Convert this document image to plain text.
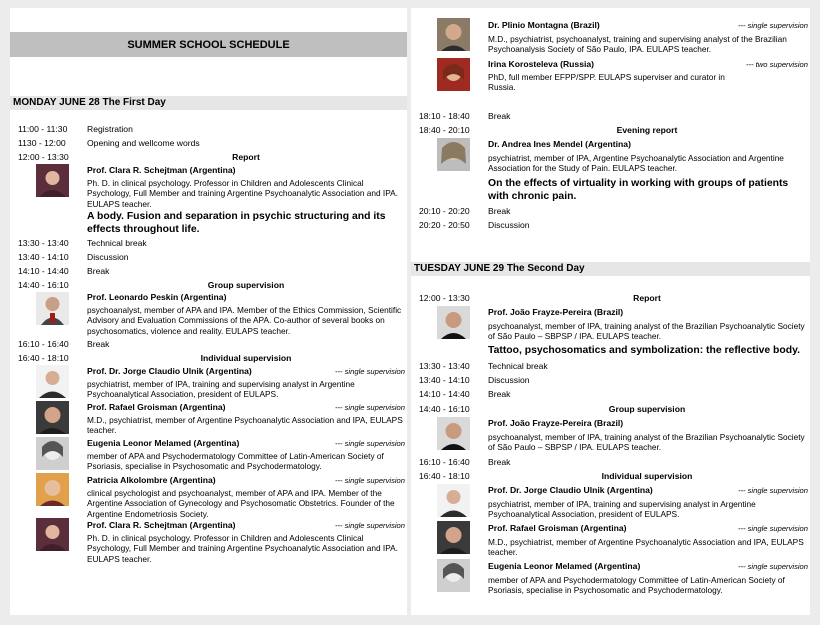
SUMMER SCHOOL SCHEDULE
MONDAY JUNE 28 The First Day
11:00 - 11:30 Registration
1130 - 12:00 Opening and wellcome words
12:00 - 13:30	Report
Prof. Clara R. Schejtman (Argentina)
Ph. D. in clinical psychology. Professor in Children and Adolescents Clinical Psychology, Full Member and training Argentine Psychoanalytic Association and IPA. EULAPS teacher.
A body. Fusion and separation in psychic structuring and its effects throughout life.
13:30 - 13:40 Technical break
13:40 - 14:10 Discussion
14:10 - 14:40 Break
14:40 - 16:10	Group supervision
Prof. Leonardo Peskin (Argentina)
psychoanalyst, member of APA and IPA. Member of the Ethics Commission, Scientific Advisory and Evaluation Commissions of the APA. Co-author of several books on psychosomatics, violence and reality. EULAPS teacher.
16:10 - 16:40 Break
16:40 - 18:10	Individual supervision
Prof. Dr. Jorge Claudio Ulnik (Argentina)	--- single supervision
psychiatrist, member of IPA, training and supervising analyst in Argentine Psychoanalytical Association, president of EULAPS.
Prof. Rafael Groisman (Argentina)	--- single supervision
M.D., psychiatrist, member of Argentine Psychoanalytic Association and IPA, EULAPS teacher.
Eugenia Leonor Melamed (Argentina)	--- single supervision
member of APA and Psychodermatology Committee of Latin-American Society of Psoriasis, specialise in Psychosomatic and Psychodermatology.
Patricia Alkolombre (Argentina)	--- single supervision
clinical psychologist and psychoanalyst, member of APA and IPA. Member of the Argentine Association of Gynecology and Psychosomatic Obstetrics. Founder of the Argentine Endometriosis Society.
Prof. Clara R. Schejtman (Argentina)	--- single supervision
Ph. D. in clinical psychology. Professor in Children and Adolescents Clinical Psychology, Full Member and training Argentine Psychoanalytic Association and IPA. EULAPS teacher.
Dr. Plinio Montagna (Brazil)	--- single supervision
M.D., psychiatrist, psychoanalyst, training and supervising analyst of the Brazilian Psychoanalysis Society of São Paulo, IPA. EULAPS teacher.
Irina Korosteleva (Russia)	--- two supervision
PhD, full member EFPP/SPP. EULAPS superviser and curator in Russia.
18:10 - 18:40 Break
18:40 - 20:10	Evening report
Dr. Andrea Ines Mendel (Argentina)
psychiatrist, member of IPA, Argentine Psychoanalytic Association and Argentine Association for the Study of Pain. EULAPS teacher.
On the effects of virtuality in working with groups of patients with chronic pain.
20:10 - 20:20 Break
20:20 - 20:50 Discussion
TUESDAY JUNE 29 The Second Day
12:00 - 13:30	Report
Prof. João Frayze-Pereira (Brazil)
psychoanalyst, member of IPA, training analyst of the Brazilian Psychoanalytic Society of São Paulo – SBPSP / IPA. EULAPS teacher.
Tattoo, psychosomatics and symbolization: the reflective body.
13:30 - 13:40 Technical break
13:40 - 14:10 Discussion
14:10 - 14:40 Break
14:40 - 16:10	Group supervision
Prof. João Frayze-Pereira (Brazil)
psychoanalyst, member of IPA, training analyst of the Brazilian Psychoanalytic Society of São Paulo – SBPSP / IPA. EULAPS teacher.
16:10 - 16:40 Break
16:40 - 18:10	Individual supervision
Prof. Dr. Jorge Claudio Ulnik (Argentina)	--- single supervision
psychiatrist, member of IPA, training and supervising analyst in Argentine Psychoanalytical Association, president of EULAPS.
Prof. Rafael Groisman (Argentina)	--- single supervision
M.D., psychiatrist, member of Argentine Psychoanalytic Association and IPA, EULAPS teacher.
Eugenia Leonor Melamed (Argentina)	--- single supervision
member of APA and Psychodermatology Committee of Latin-American Society of Psoriasis, specialise in Psychosomatic and Psychodermatology.
